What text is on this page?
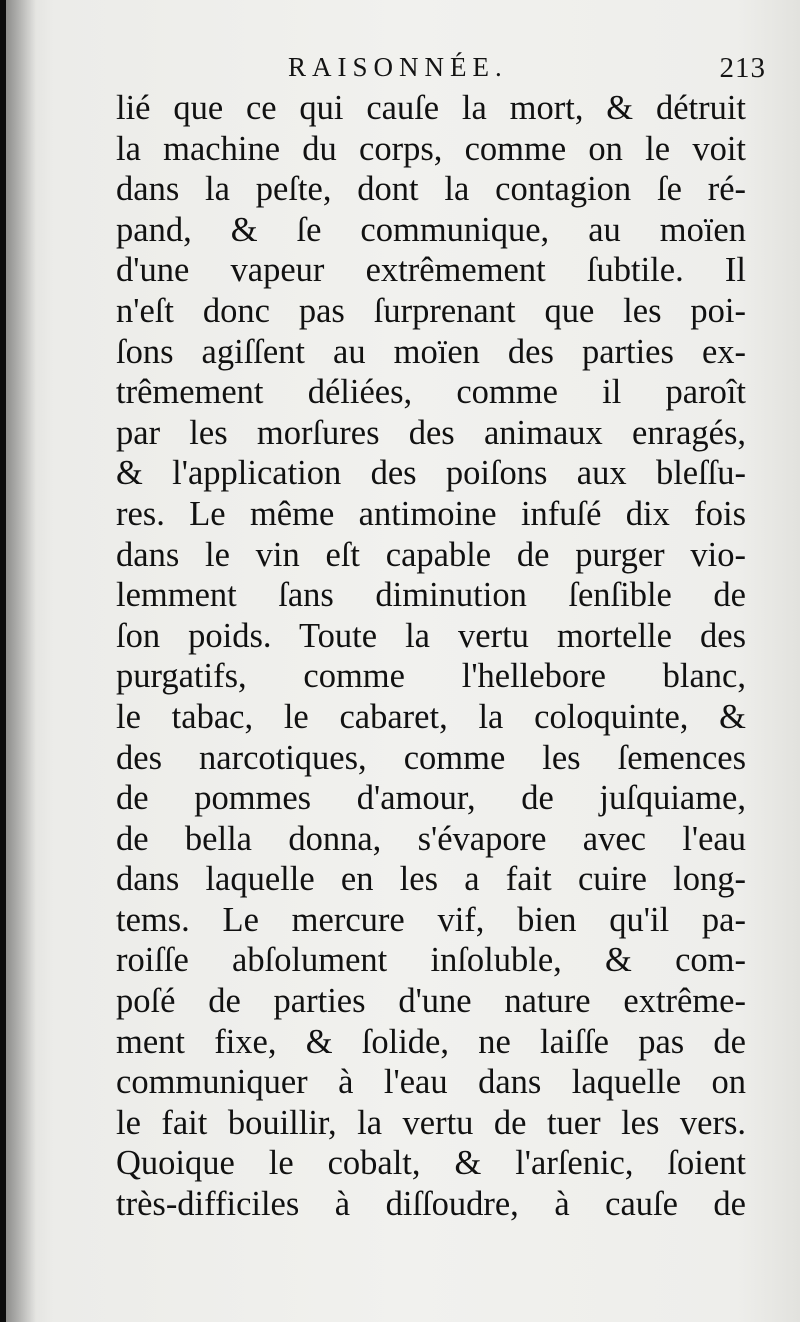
RAISONNÉE.	213
lié que ce qui cauſe la mort, & détruit
la machine du corps, comme on le voit
dans la peſte, dont la contagion ſe ré-
pand, & ſe communique, au moïen
d'une vapeur extrêmement ſubtile. Il
n'eſt donc pas ſurprenant que les poi-
ſons agiſſent au moïen des parties ex-
trêmement déliées, comme il paroît
par les morſures des animaux enragés,
& l'application des poiſons aux bleſſu-
res. Le même antimoine infuſé dix fois
dans le vin eſt capable de purger vio-
lemment ſans diminution ſenſible de
ſon poids. Toute la vertu mortelle des
purgatifs, comme l'hellebore blanc,
le tabac, le cabaret, la coloquinte, &
des narcotiques, comme les ſemences
de pommes d'amour, de juſquiame,
de bella donna, s'évapore avec l'eau
dans laquelle en les a fait cuire long-
tems. Le mercure vif, bien qu'il pa-
roiſſe abſolument inſoluble, & com-
poſé de parties d'une nature extrême-
ment fixe, & ſolide, ne laiſſe pas de
communiquer à l'eau dans laquelle on
le fait bouillir, la vertu de tuer les vers.
Quoique le cobalt, & l'arſenic, ſoient
très-difficiles à diſſoudre, à cauſe de
